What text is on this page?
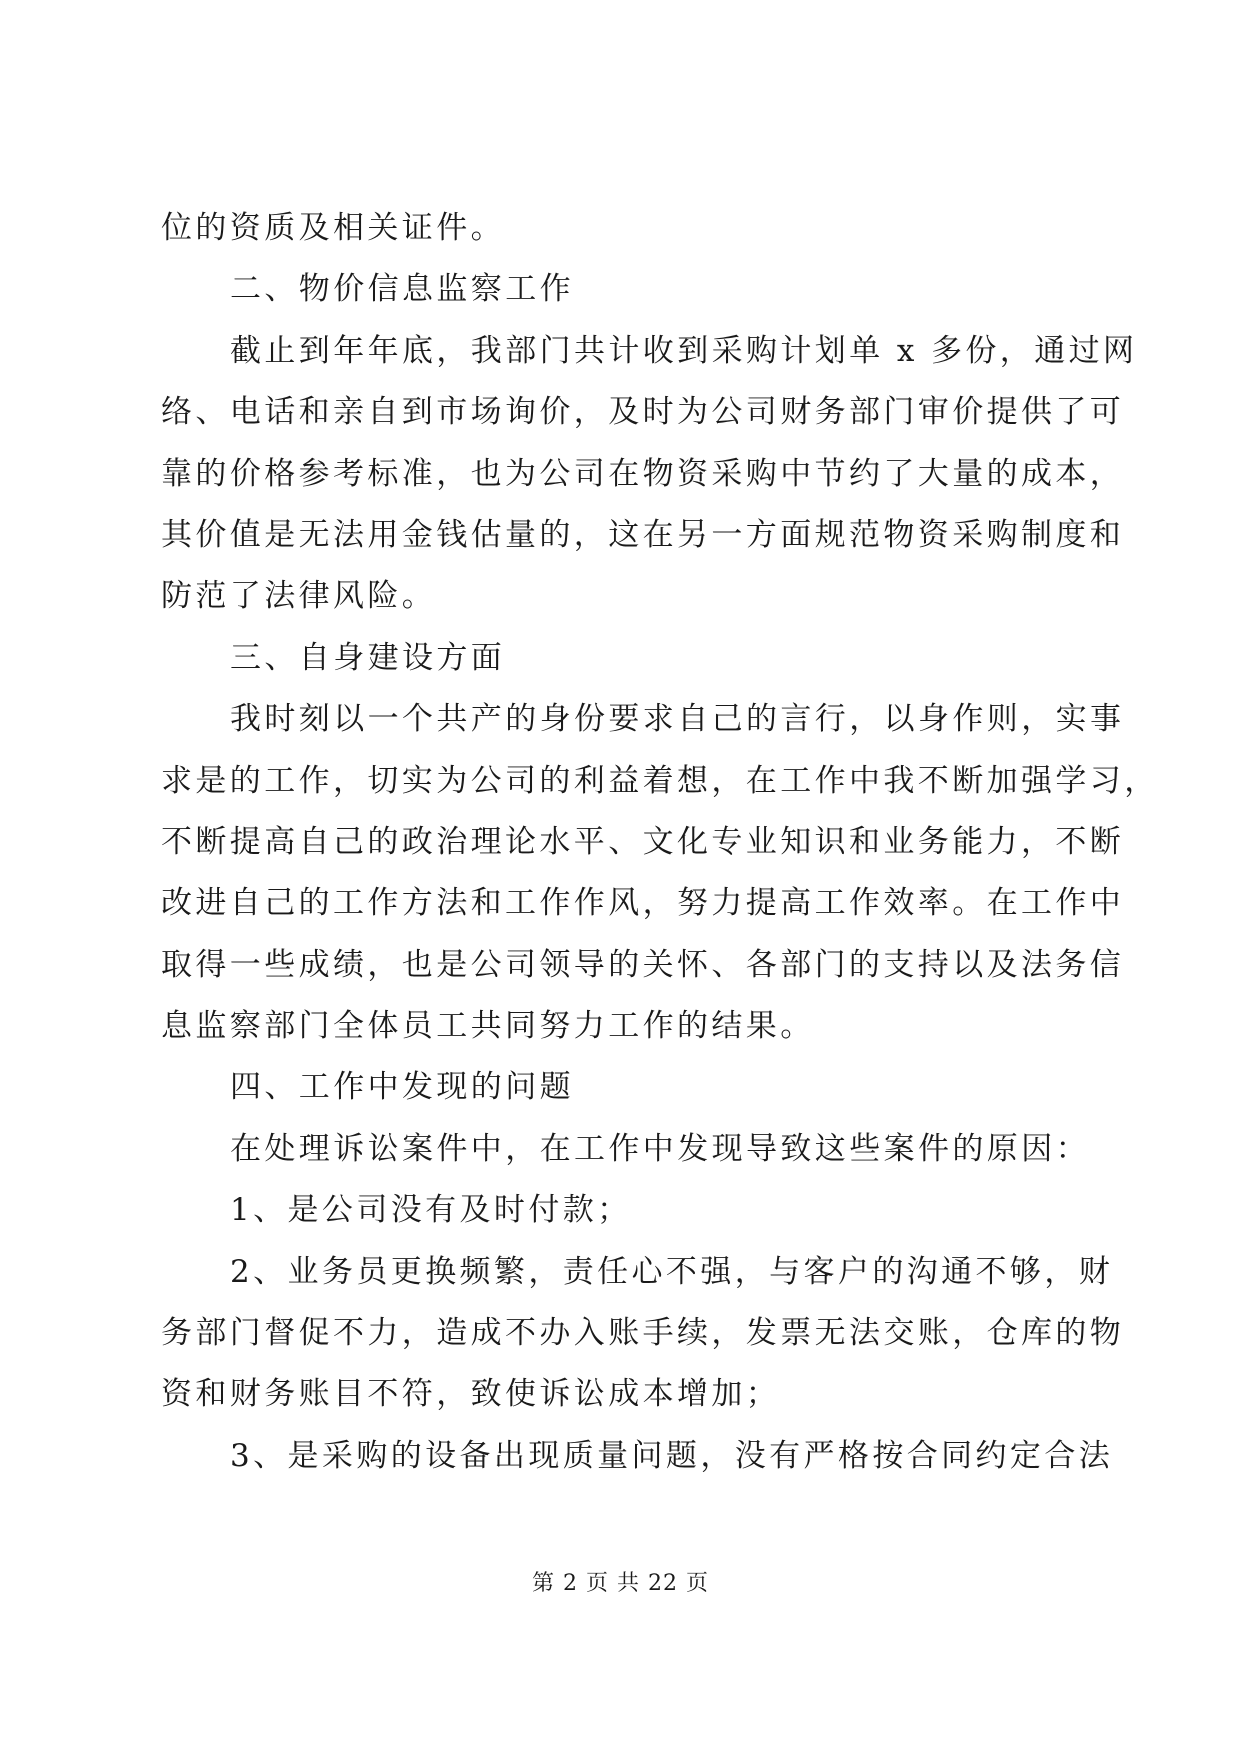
位的资质及相关证件。
二、物价信息监察工作
截止到年年底，我部门共计收到采购计划单 x 多份，通过网
络、电话和亲自到市场询价，及时为公司财务部门审价提供了可
靠的价格参考标准，也为公司在物资采购中节约了大量的成本，
其价值是无法用金钱估量的，这在另一方面规范物资采购制度和
防范了法律风险。
三、自身建设方面
我时刻以一个共产的身份要求自己的言行，以身作则，实事
求是的工作，切实为公司的利益着想，在工作中我不断加强学习，
不断提高自己的政治理论水平、文化专业知识和业务能力，不断
改进自己的工作方法和工作作风，努力提高工作效率。在工作中
取得一些成绩，也是公司领导的关怀、各部门的支持以及法务信
息监察部门全体员工共同努力工作的结果。
四、工作中发现的问题
在处理诉讼案件中，在工作中发现导致这些案件的原因：
1、是公司没有及时付款；
2、业务员更换频繁，责任心不强，与客户的沟通不够，财
务部门督促不力，造成不办入账手续，发票无法交账，仓库的物
资和财务账目不符，致使诉讼成本增加；
3、是采购的设备出现质量问题，没有严格按合同约定合法
第 2 页 共 22 页
